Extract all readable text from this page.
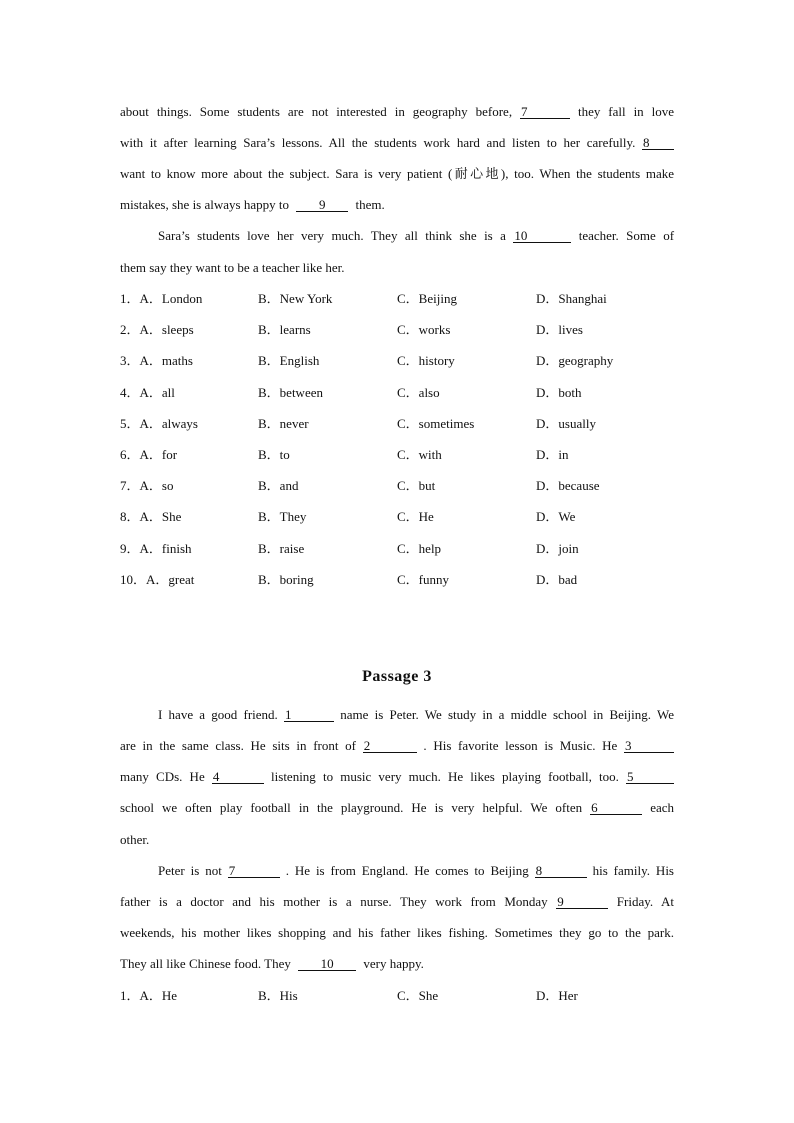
about things. Some students are not interested in geography before, 7	they fall in love
with it after learning Sara’s lessons. All the students work hard and listen to her carefully. 8
want to know more about the subject. Sara is very patient (耐心地), too. When the students make
mistakes, she is always happy to 9 them.
Sara’s students love her very much. They all think she is a 10	teacher. Some of
them say they want to be a teacher like her.
1．A．London	B．New York	C．Beijing	D．Shanghai
2．A．sleeps	B．learns	C．works	D．lives
3．A．maths	B．English	C．history	D．geography
4．A．all	B．between	C．also	D．both
5．A．always	B．never	C．sometimes	D．usually
6．A．for	B．to	C．with	D．in
7．A．so	B．and	C．but	D．because
8．A．She	B．They	C．He	D．We
9．A．finish	B．raise	C．help	D．join
10．A．great	B．boring	C．funny	D．bad
Passage 3
I have a good friend. 1	name is Peter. We study in a middle school in Beijing. We
are in the same class. He sits in front of 2	. His favorite lesson is Music. He 3
many CDs. He 4	listening to music very much. He likes playing football, too. 5
school we often play football in the playground. He is very helpful. We often 6	each
other.
Peter is not 7	. He is from England. He comes to Beijing 8	his family. His
father is a doctor and his mother is a nurse. They work from Monday 9	Friday. At
weekends, his mother likes shopping and his father likes fishing. Sometimes they go to the park.
They all like Chinese food. They 10 very happy.
1．A．He	B．His	C．She	D．Her
